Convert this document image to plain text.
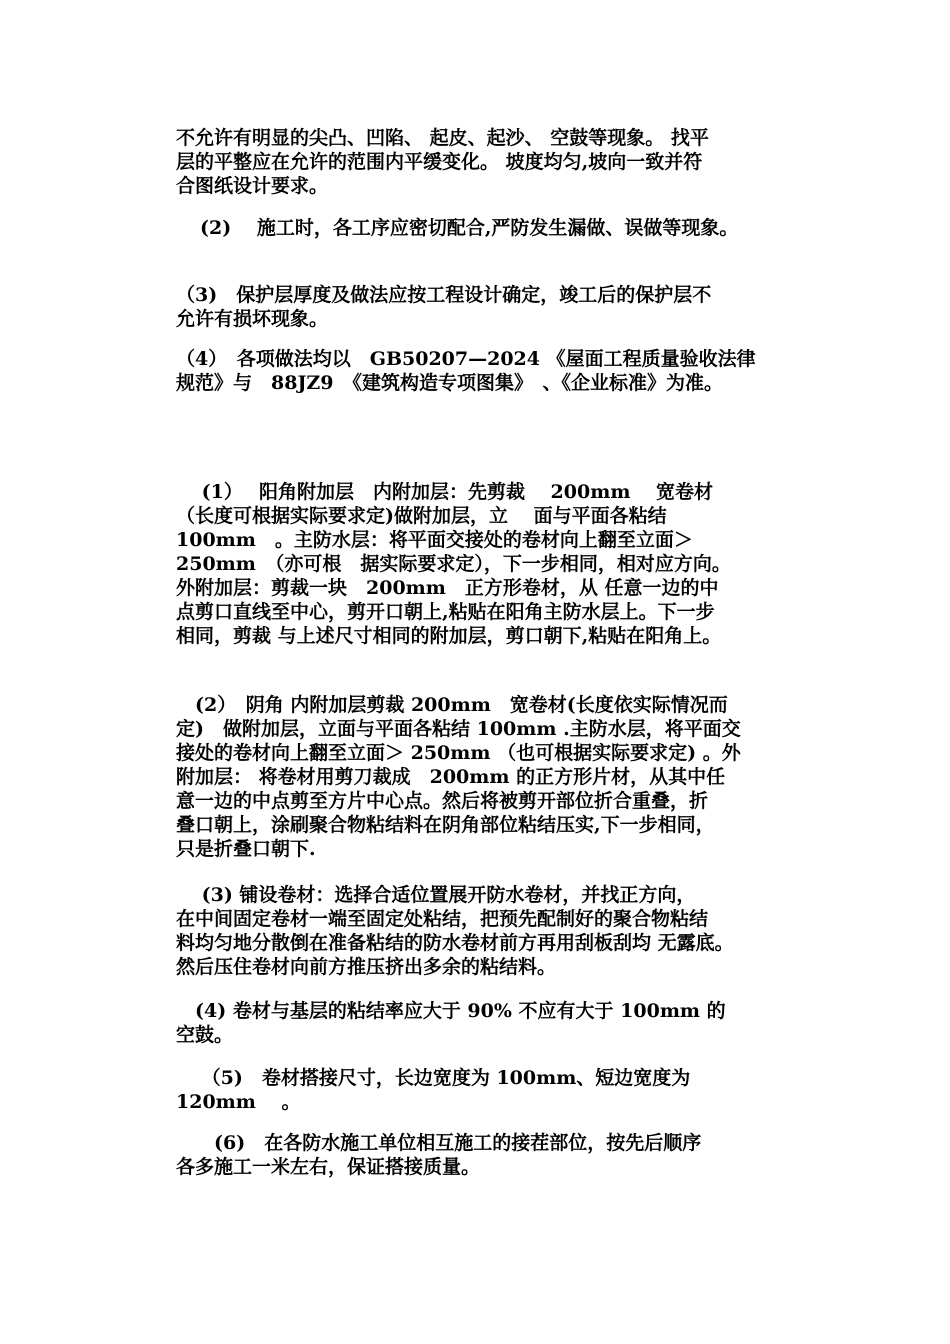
不允许有明显的尖凸、凹陷、 起皮、起沙、 空鼓等现象。 找平
层的平整应在允许的范围内平缓变化。 坡度均匀,坡向一致并符
合图纸设计要求。

(2)　 施工时，各工序应密切配合,严防发生漏做、误做等现象。

（3)　保护层厚度及做法应按工程设计确定，竣工后的保护层不
允许有损坏现象。

（4）　各项做法均以　GB50207—2024 《屋面工程质量验收法律
规范》与　88JZ9　《建筑构造专项图集》　、《企业标准》为准。

　 (1）　 阳角附加层　内附加层：先剪裁　 200mm　 宽卷材
（长度可根据实际要求定)做附加层，立　 面与平面各粘结
100mm　。主防水层：将平面交接处的卷材向上翻至立面＞
250mm　（亦可根　据实际要求定），下一步相同，相对应方向。
外附加层：剪裁一块　200mm　正方形卷材，从 任意一边的中
点剪口直线至中心，剪开口朝上,粘贴在阳角主防水层上。下一步
相同，剪裁 与上述尺寸相同的附加层，剪口朝下,粘贴在阳角上。

　(2）　阴角 内附加层剪裁 200mm　宽卷材(长度依实际情况而
定)　做附加层，立面与平面各粘结 100mm .主防水层，将平面交
接处的卷材向上翻至立面＞ 250mm （也可根据实际要求定) 。外
附加层： 将卷材用剪刀裁成　200mm 的正方形片材，从其中任
意一边的中点剪至方片中心点。然后将被剪开部位折合重叠，折
叠口朝上，涂刷聚合物粘结料在阴角部位粘结压实,下一步相同，
只是折叠口朝下.

　 (3) 铺设卷材：选择合适位置展开防水卷材，并找正方向，
在中间固定卷材一端至固定处粘结，把预先配制好的聚合物粘结
料均匀地分散倒在准备粘结的防水卷材前方再用刮板刮均 无露底。
然后压住卷材向前方推压挤出多余的粘结料。

　(4) 卷材与基层的粘结率应大于 90% 不应有大于 100mm 的
空鼓。

　 （5)　卷材搭接尺寸，长边宽度为 100mm、短边宽度为
120mm　 。

　　(6)　在各防水施工单位相互施工的接茬部位，按先后顺序
各多施工一米左右，保证搭接质量。
